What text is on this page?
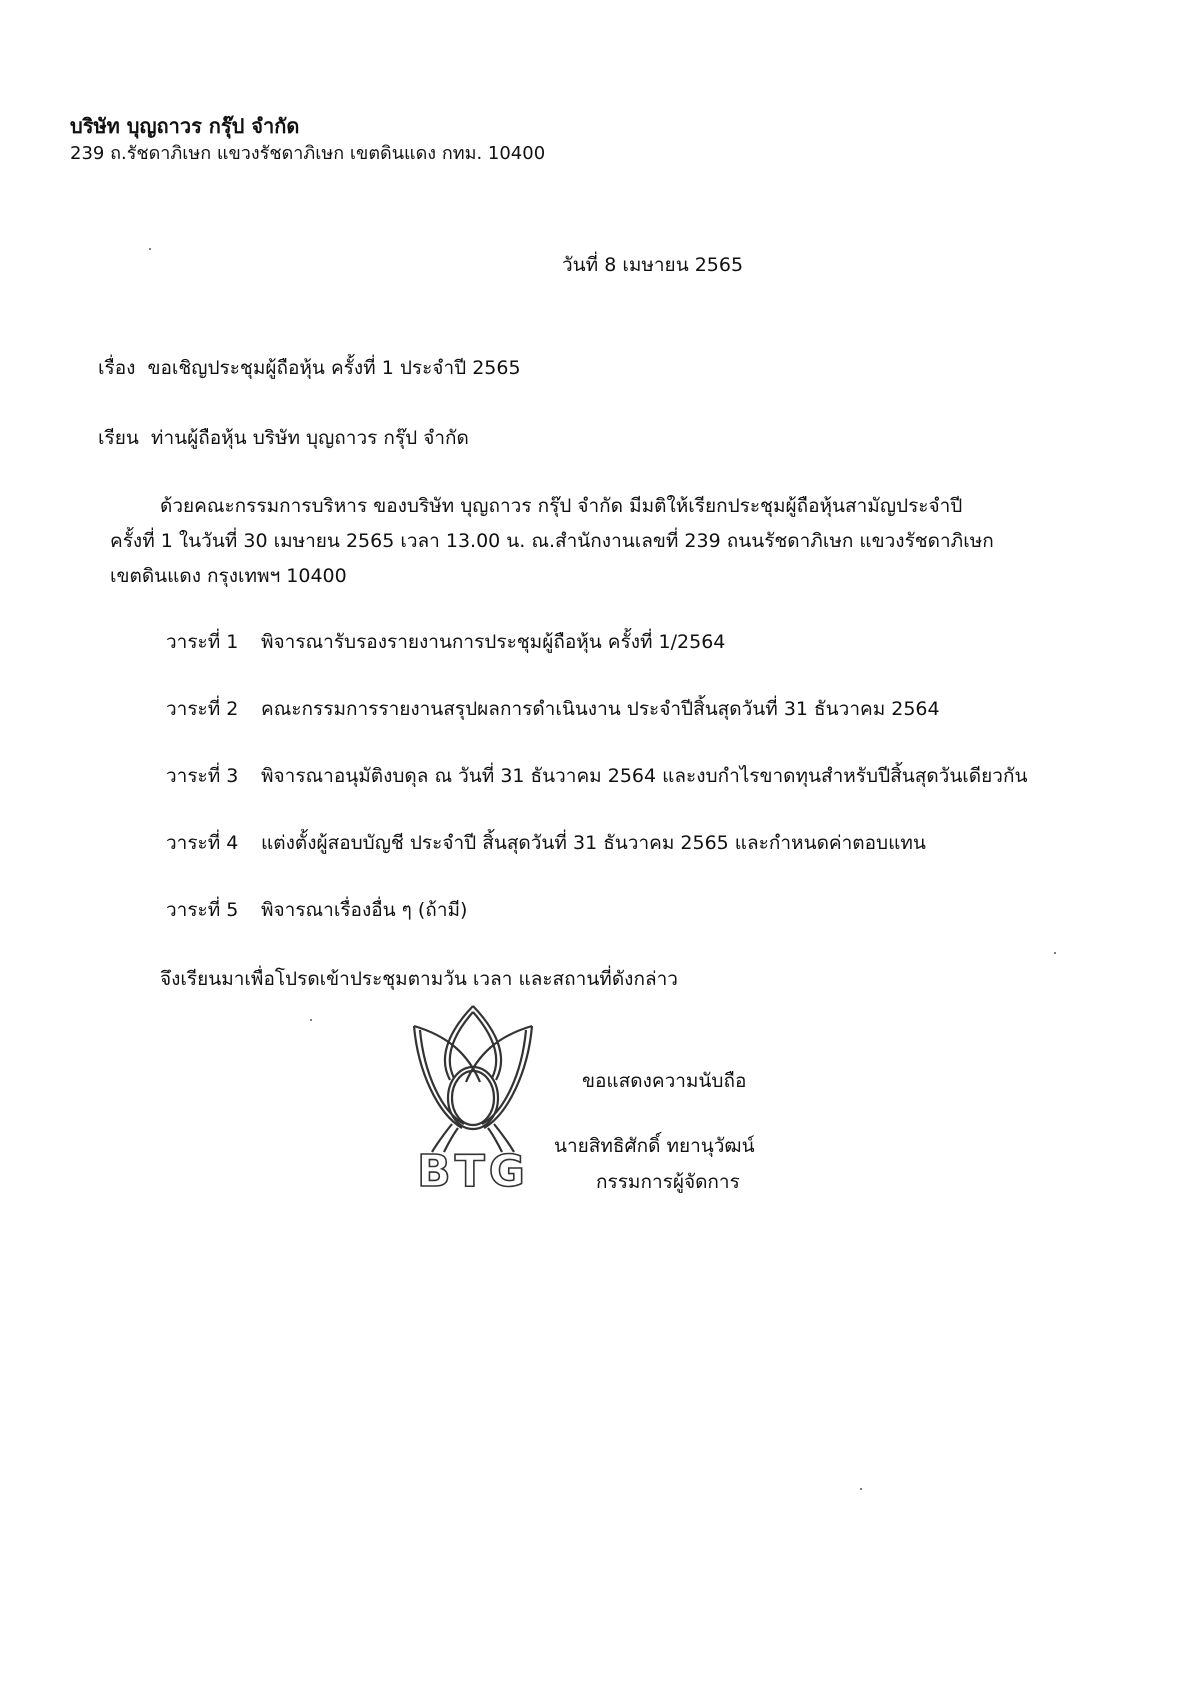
บริษัท บุญถาวร กรุ๊ป จำกัด
239 ถ.รัชดาภิเษก แขวงรัชดาภิเษก เขตดินแดง กทม. 10400
วันที่ 8 เมษายน 2565
เรื่อง ขอเชิญประชุมผู้ถือหุ้น ครั้งที่ 1 ประจำปี 2565
เรียน ท่านผู้ถือหุ้น บริษัท บุญถาวร กรุ๊ป จำกัด
ด้วยคณะกรรมการบริหาร ของบริษัท บุญถาวร กรุ๊ป จำกัด มีมติให้เรียกประชุมผู้ถือหุ้นสามัญประจำปี
ครั้งที่ 1 ในวันที่ 30 เมษายน 2565 เวลา 13.00 น. ณ.สำนักงานเลขที่ 239 ถนนรัชดาภิเษก แขวงรัชดาภิเษก
เขตดินแดง กรุงเทพฯ 10400
วาระที่ 1 พิจารณารับรองรายงานการประชุมผู้ถือหุ้น ครั้งที่ 1/2564
วาระที่ 2 คณะกรรมการรายงานสรุปผลการดำเนินงาน ประจำปีสิ้นสุดวันที่ 31 ธันวาคม 2564
วาระที่ 3 พิจารณาอนุมัติงบดุล ณ วันที่ 31 ธันวาคม 2564 และงบกำไรขาดทุนสำหรับปีสิ้นสุดวันเดียวกัน
วาระที่ 4 แต่งตั้งผู้สอบบัญชี ประจำปี สิ้นสุดวันที่ 31 ธันวาคม 2565 และกำหนดค่าตอบแทน
วาระที่ 5 พิจารณาเรื่องอื่น ๆ (ถ้ามี)
จึงเรียนมาเพื่อโปรดเข้าประชุมตามวัน เวลา และสถานที่ดังกล่าว
BTG
ขอแสดงความนับถือ
นายสิทธิศักดิ์ ทยานุวัฒน์
กรรมการผู้จัดการ
